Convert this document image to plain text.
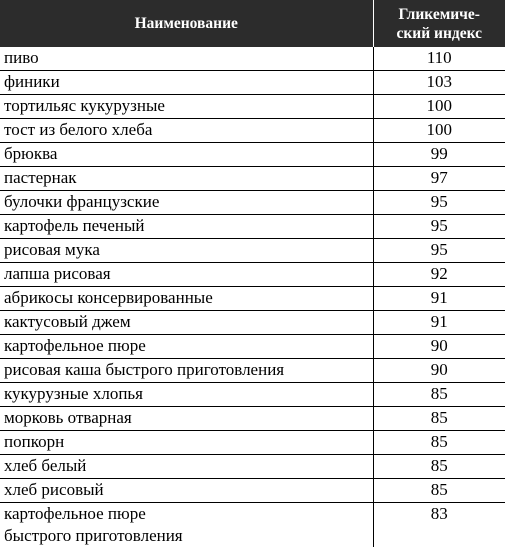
Наименование	Гликемиче-
ский индекс

пиво	110
финики	103
тортильяс кукурузные	100
тост из белого хлеба	100
брюква	99
пастернак	97
булочки французские	95
картофель печеный	95
рисовая мука	95
лапша рисовая	92
абрикосы консервированные	91
кактусовый джем	91
картофельное пюре	90
рисовая каша быстрого приготовления	90
кукурузные хлопья	85
морковь отварная	85
попкорн	85
хлеб белый	85
хлеб рисовый	85

картофельное пюре
быстрого приготовления	83
